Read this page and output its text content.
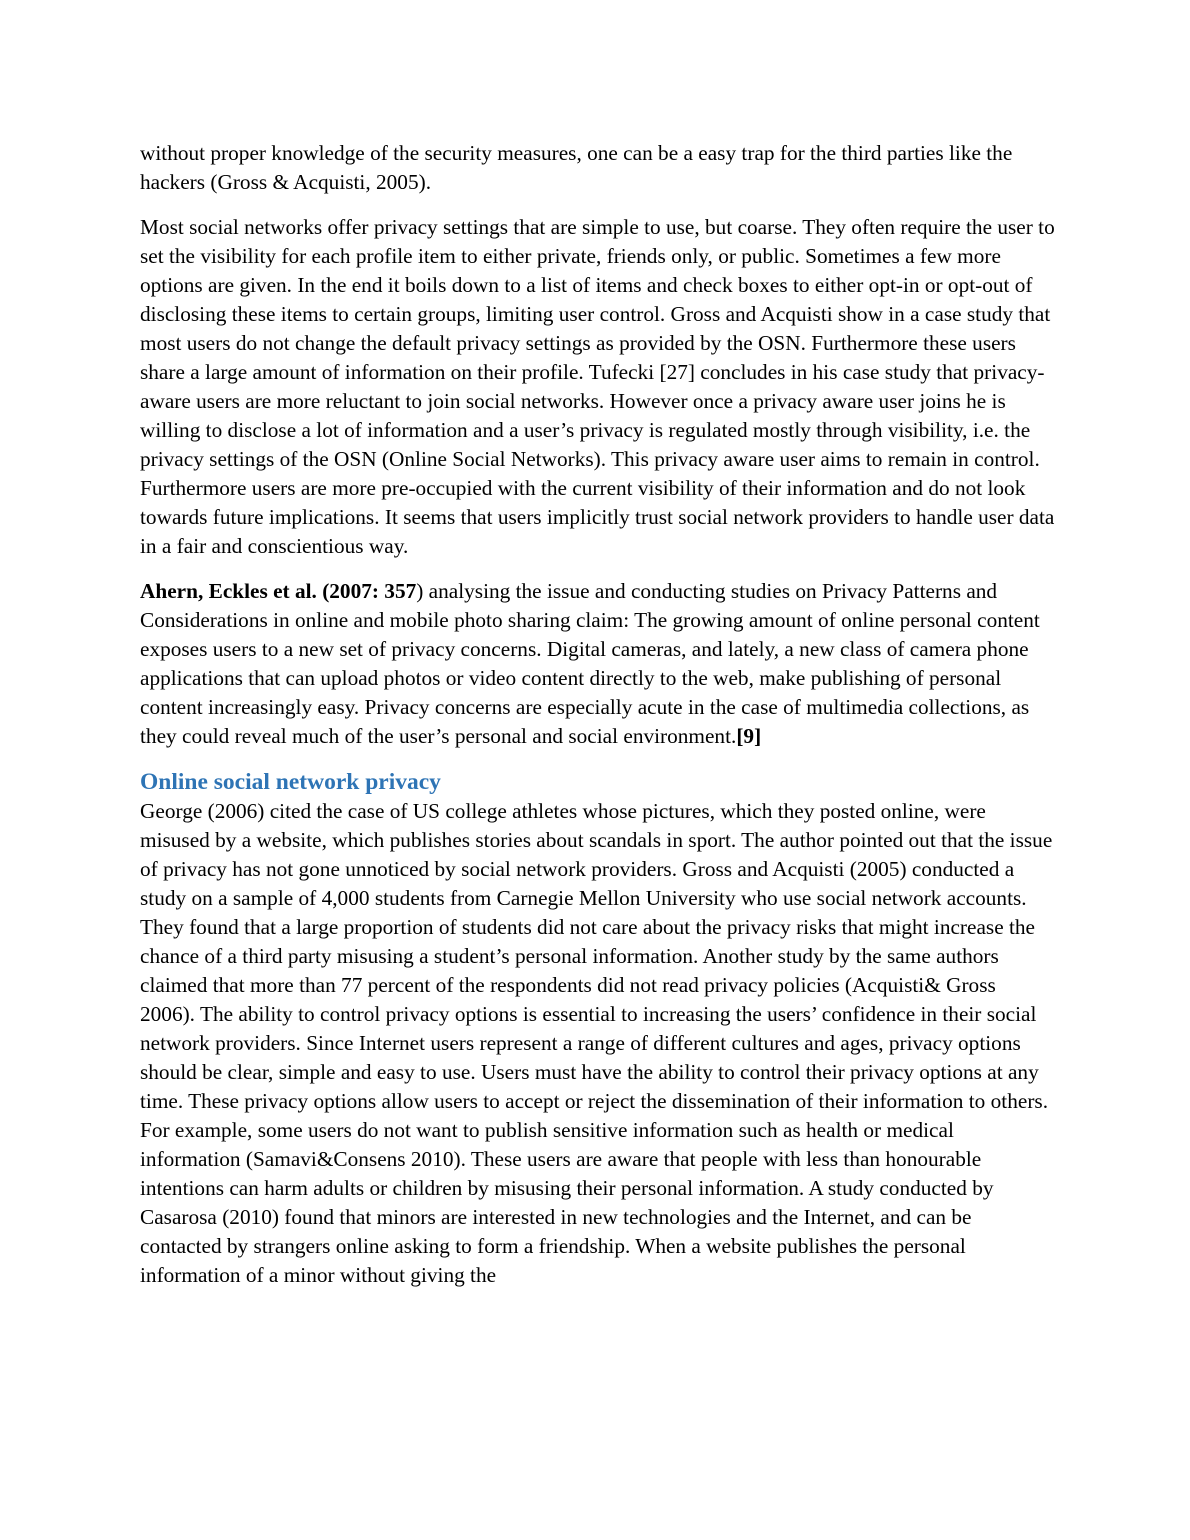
without proper knowledge of the security measures, one can be a easy trap for the third parties like the hackers (Gross & Acquisti, 2005).

Most social networks offer privacy settings that are simple to use, but coarse. They often require the user to set the visibility for each profile item to either private, friends only, or public. Sometimes a few more options are given. In the end it boils down to a list of items and check boxes to either opt-in or opt-out of disclosing these items to certain groups, limiting user control. Gross and Acquisti show in a case study that most users do not change the default privacy settings as provided by the OSN. Furthermore these users share a large amount of information on their profile. Tufecki [27] concludes in his case study that privacy-aware users are more reluctant to join social networks. However once a privacy aware user joins he is willing to disclose a lot of information and a user’s privacy is regulated mostly through visibility, i.e. the privacy settings of the OSN (Online Social Networks). This privacy aware user aims to remain in control. Furthermore users are more pre-occupied with the current visibility of their information and do not look towards future implications. It seems that users implicitly trust social network providers to handle user data in a fair and conscientious way.

Ahern, Eckles et al. (2007: 357) analysing the issue and conducting studies on Privacy Patterns and Considerations in online and mobile photo sharing claim: The growing amount of online personal content exposes users to a new set of privacy concerns. Digital cameras, and lately, a new class of camera phone applications that can upload photos or video content directly to the web, make publishing of personal content increasingly easy. Privacy concerns are especially acute in the case of multimedia collections, as they could reveal much of the user’s personal and social environment.[9]

Online social network privacy

George (2006) cited the case of US college athletes whose pictures, which they posted online, were misused by a website, which publishes stories about scandals in sport. The author pointed out that the issue of privacy has not gone unnoticed by social network providers. Gross and Acquisti (2005) conducted a study on a sample of 4,000 students from Carnegie Mellon University who use social network accounts. They found that a large proportion of students did not care about the privacy risks that might increase the chance of a third party misusing a student’s personal information. Another study by the same authors claimed that more than 77 percent of the respondents did not read privacy policies (Acquisti& Gross 2006). The ability to control privacy options is essential to increasing the users’ confidence in their social network providers. Since Internet users represent a range of different cultures and ages, privacy options should be clear, simple and easy to use. Users must have the ability to control their privacy options at any time. These privacy options allow users to accept or reject the dissemination of their information to others. For example, some users do not want to publish sensitive information such as health or medical information (Samavi&Consens 2010). These users are aware that people with less than honourable intentions can harm adults or children by misusing their personal information. A study conducted by Casarosa (2010) found that minors are interested in new technologies and the Internet, and can be contacted by strangers online asking to form a friendship. When a website publishes the personal information of a minor without giving the
